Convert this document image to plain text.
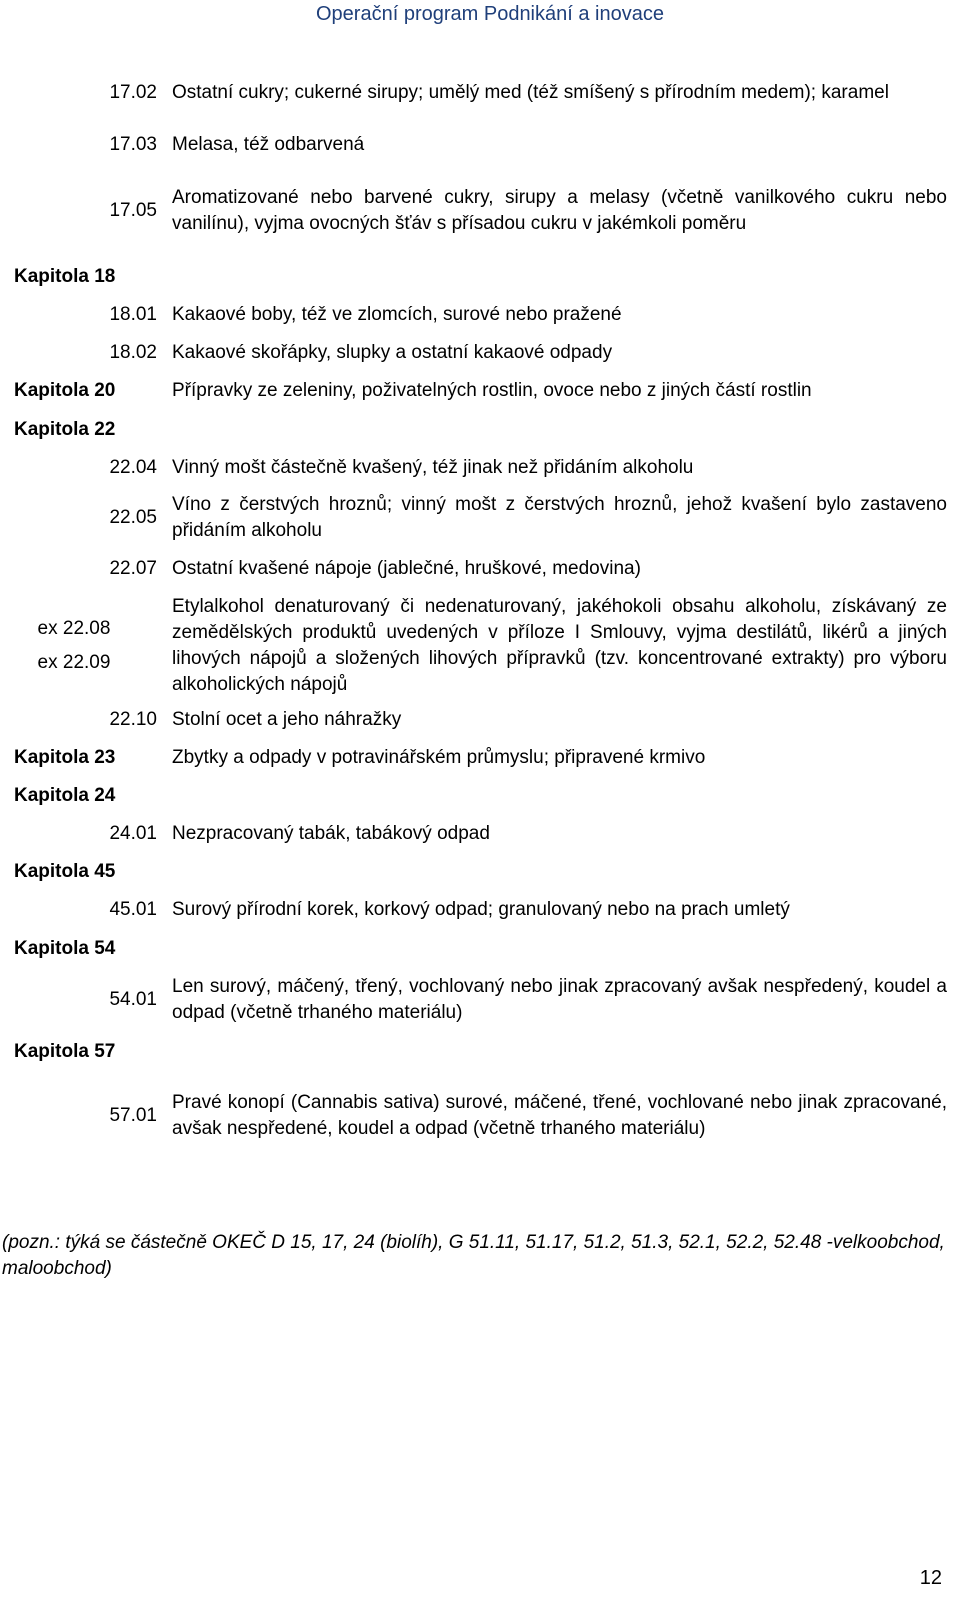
Operační program Podnikání a inovace
17.02 Ostatní cukry; cukerné sirupy; umělý med (též smíšený s přírodním medem); karamel
17.03 Melasa, též odbarvená
17.05
Aromatizované nebo barvené cukry, sirupy a melasy (včetně vanilkového cukru nebo vanilínu), vyjma ovocných šťáv s přísadou cukru v jakémkoli poměru
Kapitola 18
18.01 Kakaové boby, též ve zlomcích, surové nebo pražené
18.02 Kakaové skořápky, slupky a ostatní kakaové odpady
Kapitola 20	Přípravky ze zeleniny, poživatelných rostlin, ovoce nebo z jiných částí rostlin
Kapitola 22
22.04 Vinný mošt částečně kvašený, též jinak než přidáním alkoholu
22.05
Víno z čerstvých hroznů; vinný mošt z čerstvých hroznů, jehož kvašení bylo zastaveno přidáním alkoholu
22.07 Ostatní kvašené nápoje (jablečné, hruškové, medovina)
ex 22.08
ex 22.09
Etylalkohol denaturovaný či nedenaturovaný, jakéhokoli obsahu alkoholu, získávaný ze zemědělských produktů uvedených v příloze I Smlouvy, vyjma destilátů, likérů a jiných lihových nápojů a složených lihových přípravků (tzv. koncentrované extrakty) pro výboru alkoholických nápojů
22.10 Stolní ocet a jeho náhražky
Kapitola 23	Zbytky a odpady v potravinářském průmyslu; připravené krmivo
Kapitola 24
24.01 Nezpracovaný tabák, tabákový odpad
Kapitola 45
45.01 Surový přírodní korek, korkový odpad; granulovaný nebo na prach umletý
Kapitola 54
54.01
Len surový, máčený, třený, vochlovaný nebo jinak zpracovaný avšak nespředený, koudel a odpad (včetně trhaného materiálu)
Kapitola 57
57.01
Pravé konopí (Cannabis sativa) surové, máčené, třené, vochlované nebo jinak zpracované, avšak nespředené, koudel a odpad (včetně trhaného materiálu)
(pozn.: týká se částečně OKEČ D 15, 17, 24 (biolíh), G 51.11, 51.17, 51.2, 51.3, 52.1, 52.2, 52.48 -velkoobchod, maloobchod)
12
